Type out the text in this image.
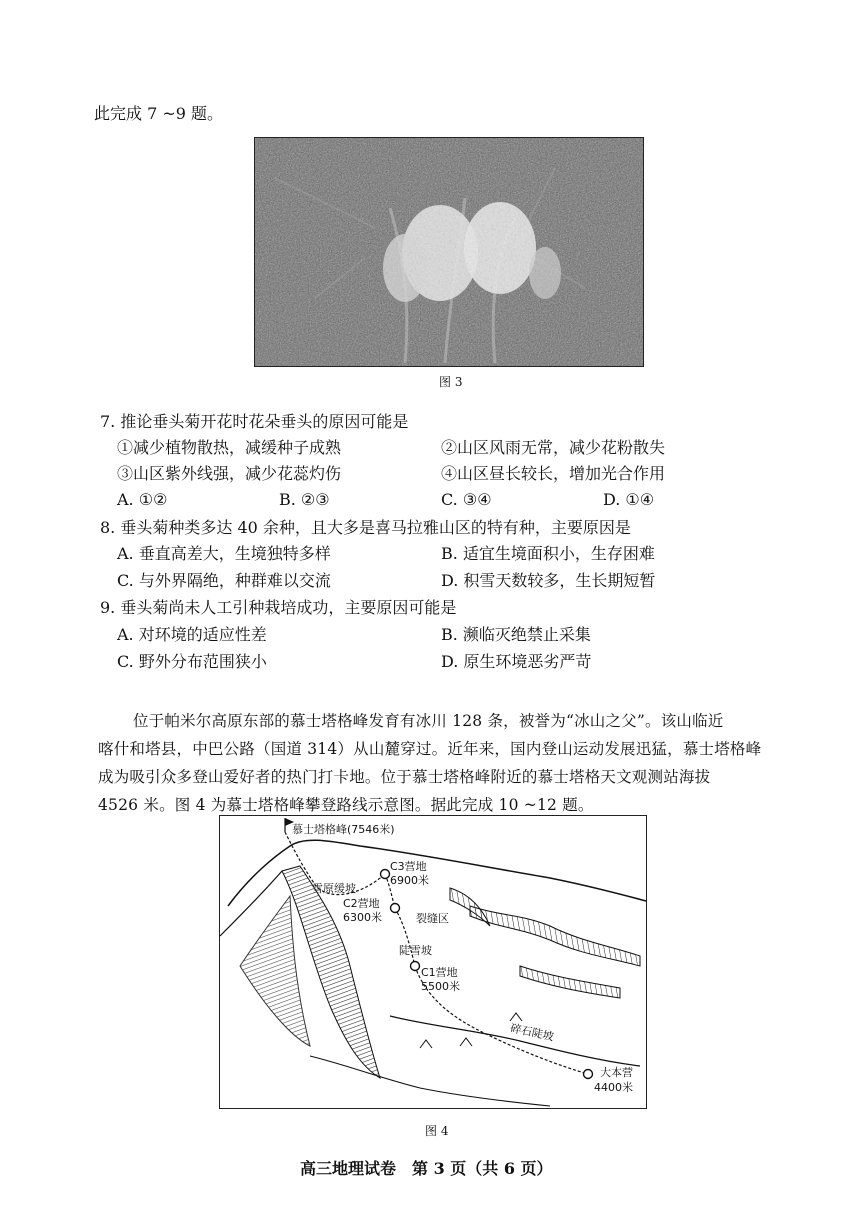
此完成 7 ~9 题。
图 3
7. 推论垂头菊开花时花朵垂头的原因可能是
①减少植物散热，减缓种子成熟	②山区风雨无常，减少花粉散失
③山区紫外线强，减少花蕊灼伤	④山区昼长较长，增加光合作用
A. ①②	B. ②③	C. ③④	D. ①④
8. 垂头菊种类多达 40 余种，且大多是喜马拉雅山区的特有种，主要原因是
A. 垂直高差大，生境独特多样	B. 适宜生境面积小，生存困难
C. 与外界隔绝，种群难以交流	D. 积雪天数较多，生长期短暂
9. 垂头菊尚未人工引种栽培成功，主要原因可能是
A. 对环境的适应性差	B. 濒临灭绝禁止采集
C. 野外分布范围狭小	D. 原生环境恶劣严苛
位于帕米尔高原东部的慕士塔格峰发育有冰川 128 条，被誉为“冰山之父”。该山临近
喀什和塔县，中巴公路（国道 314）从山麓穿过。近年来，国内登山运动发展迅猛，慕士塔格峰
成为吸引众多登山爱好者的热门打卡地。位于慕士塔格峰附近的慕士塔格天文观测站海拔
4526 米。图 4 为慕士塔格峰攀登路线示意图。据此完成 10 ~12 题。
慕士塔格峰(7546米)
C3营地
6900米
雪原缓坡
C2营地
6300米	裂缝区
陡雪坡
C1营地
5500米
碎石陡坡
大本营
4400米
图 4
高三地理试卷　第 3 页（共 6 页）
